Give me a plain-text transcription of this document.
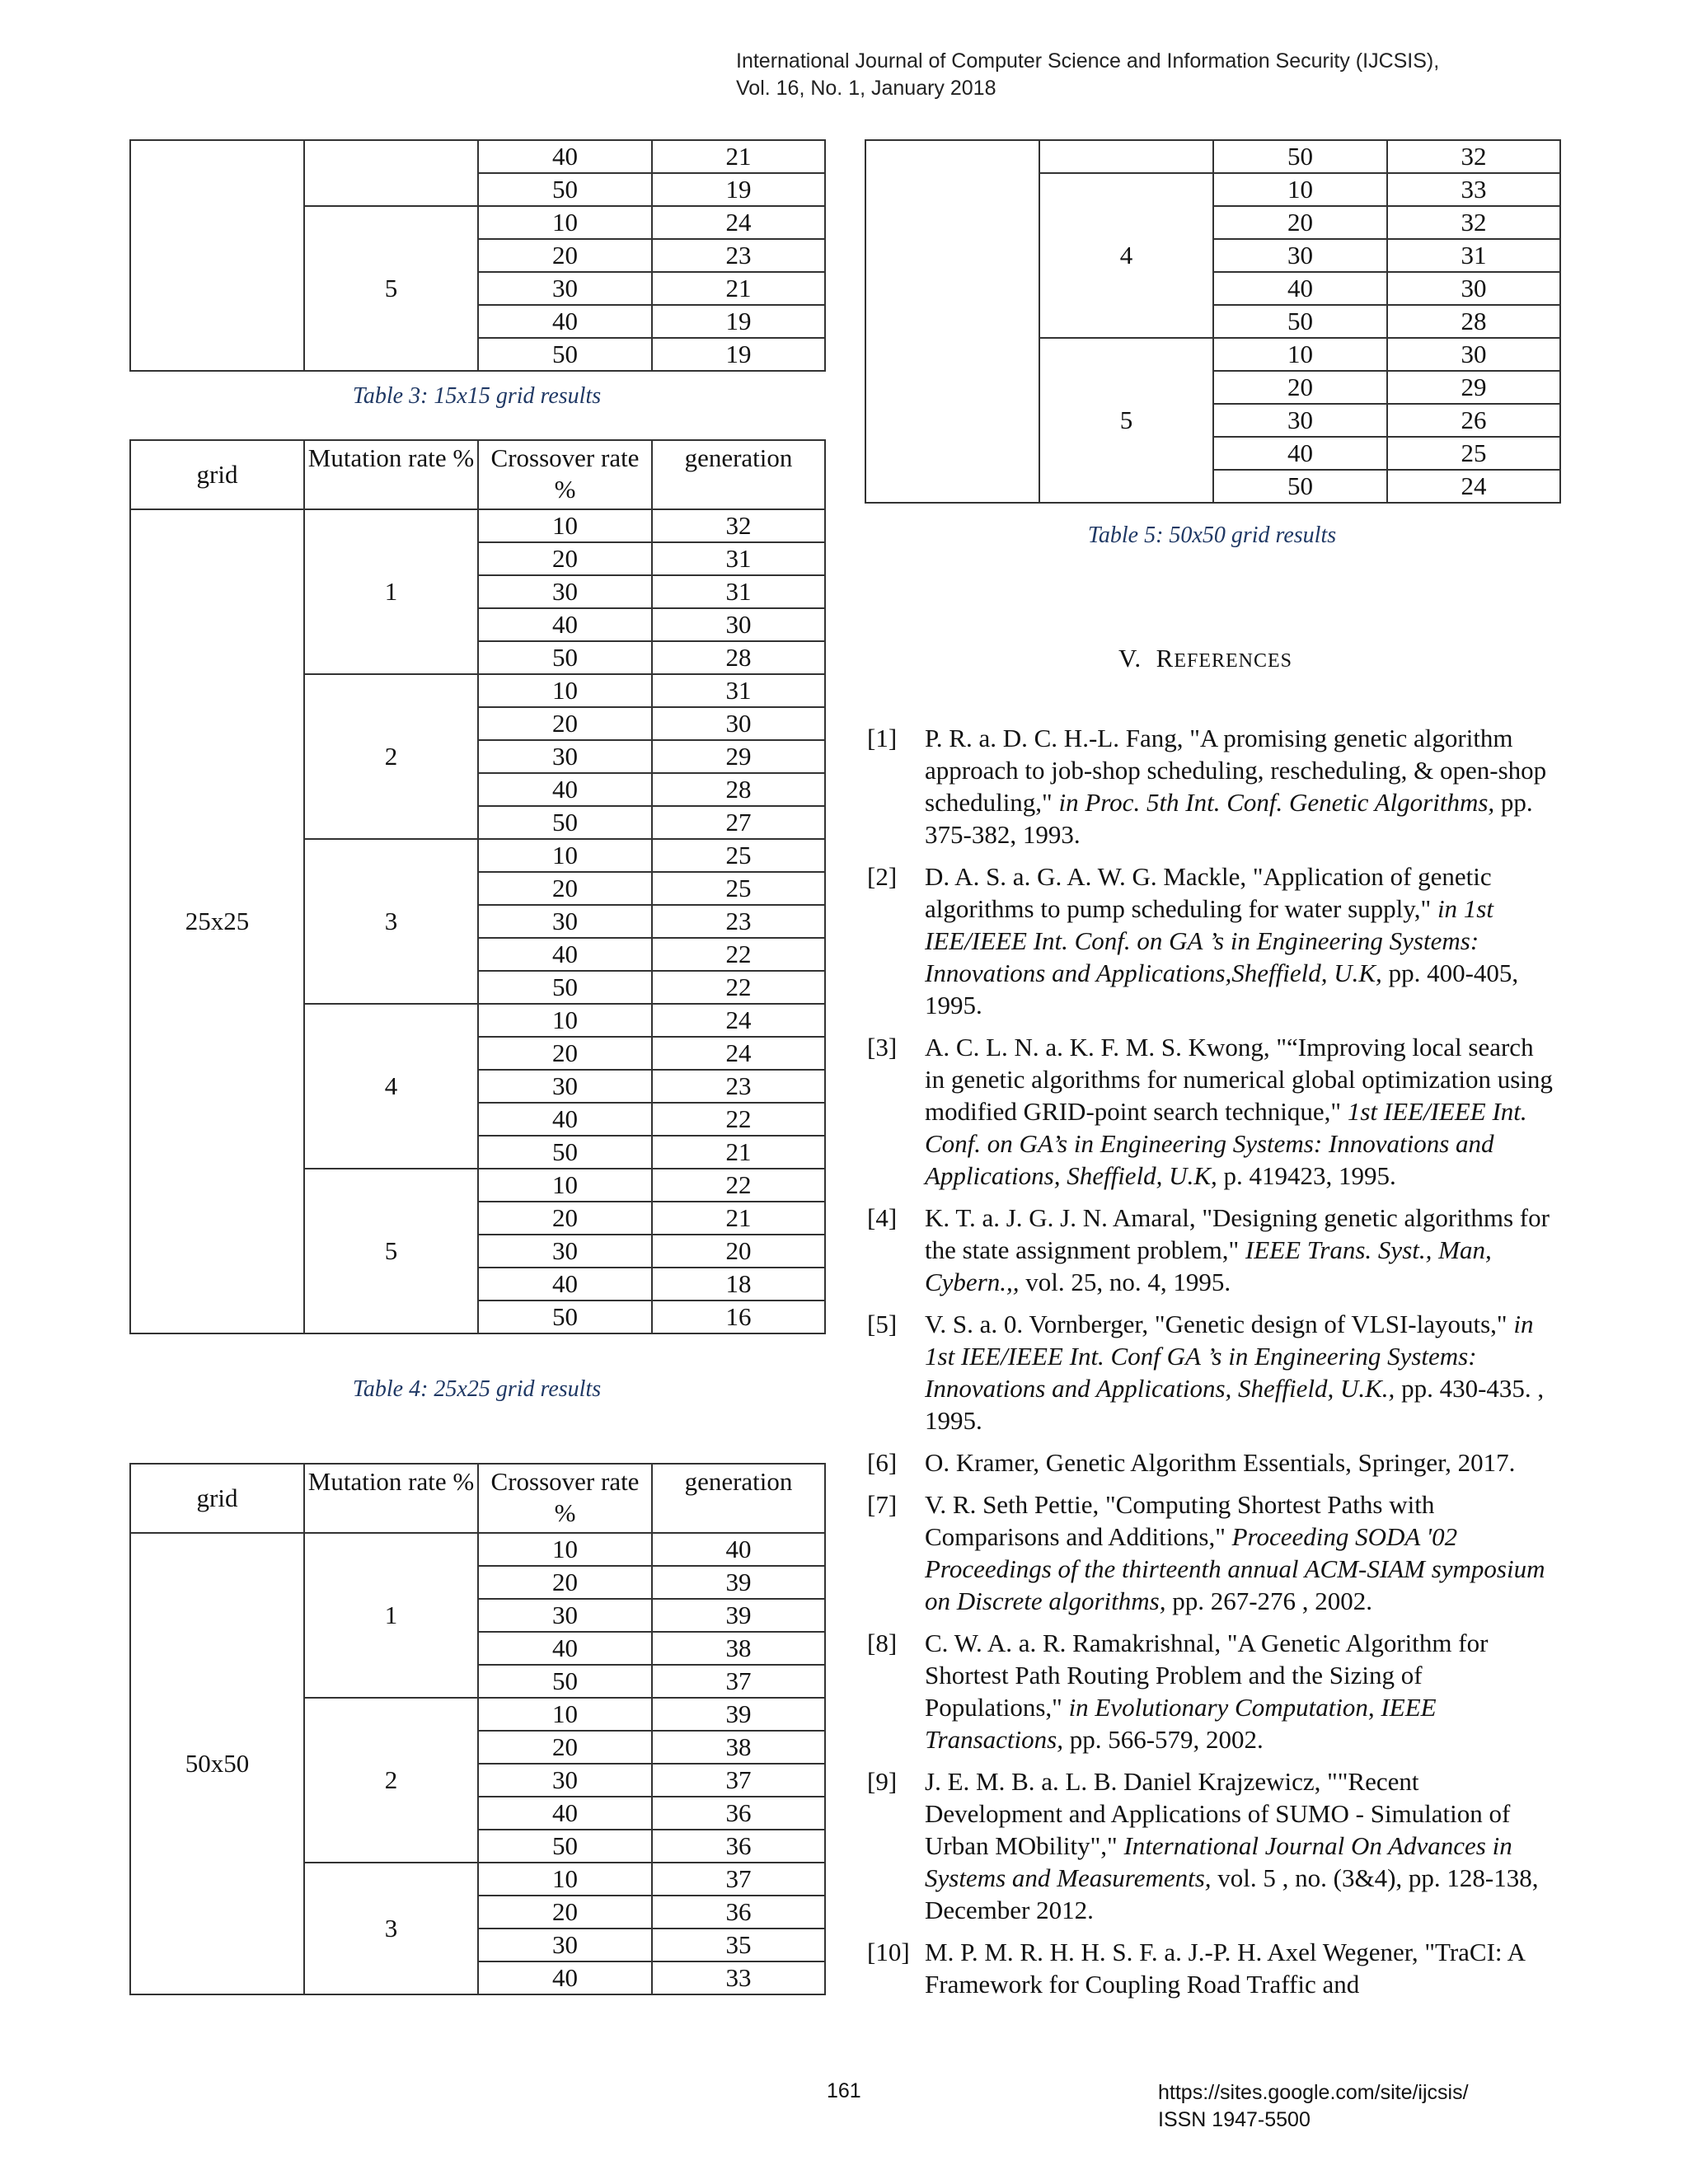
International Journal of Computer Science and Information Security (IJCSIS),
Vol. 16, No. 1, January 2018
		40	21
		50	19
	5	10	24
		20	23
		30	21
		40	19
		50	19
Table 3: 15x15 grid results
grid	Mutation rate %	Crossover rate %	generation
25x25	1	10	32
		20	31
		30	31
		40	30
		50	28
	2	10	31
		20	30
		30	29
		40	28
		50	27
	3	10	25
		20	25
		30	23
		40	22
		50	22
	4	10	24
		20	24
		30	23
		40	22
		50	21
	5	10	22
		20	21
		30	20
		40	18
		50	16
Table 4: 25x25 grid results
grid	Mutation rate %	Crossover rate %	generation
50x50	1	10	40
		20	39
		30	39
		40	38
		50	37
	2	10	39
		20	38
		30	37
		40	36
		50	36
	3	10	37
		20	36
		30	35
		40	33
		50	32
	4	10	33
		20	32
		30	31
		40	30
		50	28
	5	10	30
		20	29
		30	26
		40	25
		50	24
Table 5: 50x50 grid results
V. REFERENCES
[1] P. R. a. D. C. H.-L. Fang, "A promising genetic algorithm approach to job-shop scheduling, rescheduling, & open-shop scheduling," in Proc. 5th Int. Conf. Genetic Algorithms, pp. 375-382, 1993.
[2] D. A. S. a. G. A. W. G. Mackle, "Application of genetic algorithms to pump scheduling for water supply," in 1st IEE/IEEE Int. Conf. on GA ’s in Engineering Systems: Innovations and Applications,Sheffield, U.K, pp. 400-405, 1995.
[3] A. C. L. N. a. K. F. M. S. Kwong, "“Improving local search in genetic algorithms for numerical global optimization using modified GRID-point search technique," 1st IEE/IEEE Int. Conf. on GA’s in Engineering Systems: Innovations and Applications, Sheffield, U.K, p. 419423, 1995.
[4] K. T. a. J. G. J. N. Amaral, "Designing genetic algorithms for the state assignment problem," IEEE Trans. Syst., Man, Cybern.,, vol. 25, no. 4, 1995.
[5] V. S. a. 0. Vornberger, "Genetic design of VLSI-layouts," in 1st IEE/IEEE Int. Conf GA ’s in Engineering Systems: Innovations and Applications, Sheffield, U.K., pp. 430-435. , 1995.
[6] O. Kramer, Genetic Algorithm Essentials, Springer, 2017.
[7] V. R. Seth Pettie, "Computing Shortest Paths with Comparisons and Additions," Proceeding SODA '02 Proceedings of the thirteenth annual ACM-SIAM symposium on Discrete algorithms, pp. 267-276 , 2002.
[8] C. W. A. a. R. Ramakrishnal, "A Genetic Algorithm for Shortest Path Routing Problem and the Sizing of Populations," in Evolutionary Computation, IEEE Transactions, pp. 566-579, 2002.
[9] J. E. M. B. a. L. B. Daniel Krajzewicz, ""Recent Development and Applications of SUMO - Simulation of Urban MObility"," International Journal On Advances in Systems and Measurements, vol. 5 , no. (3&4), pp. 128-138, December 2012.
[10] M. P. M. R. H. H. S. F. a. J.-P. H. Axel Wegener, "TraCI: A Framework for Coupling Road Traffic and
161	https://sites.google.com/site/ijcsis/
ISSN 1947-5500
